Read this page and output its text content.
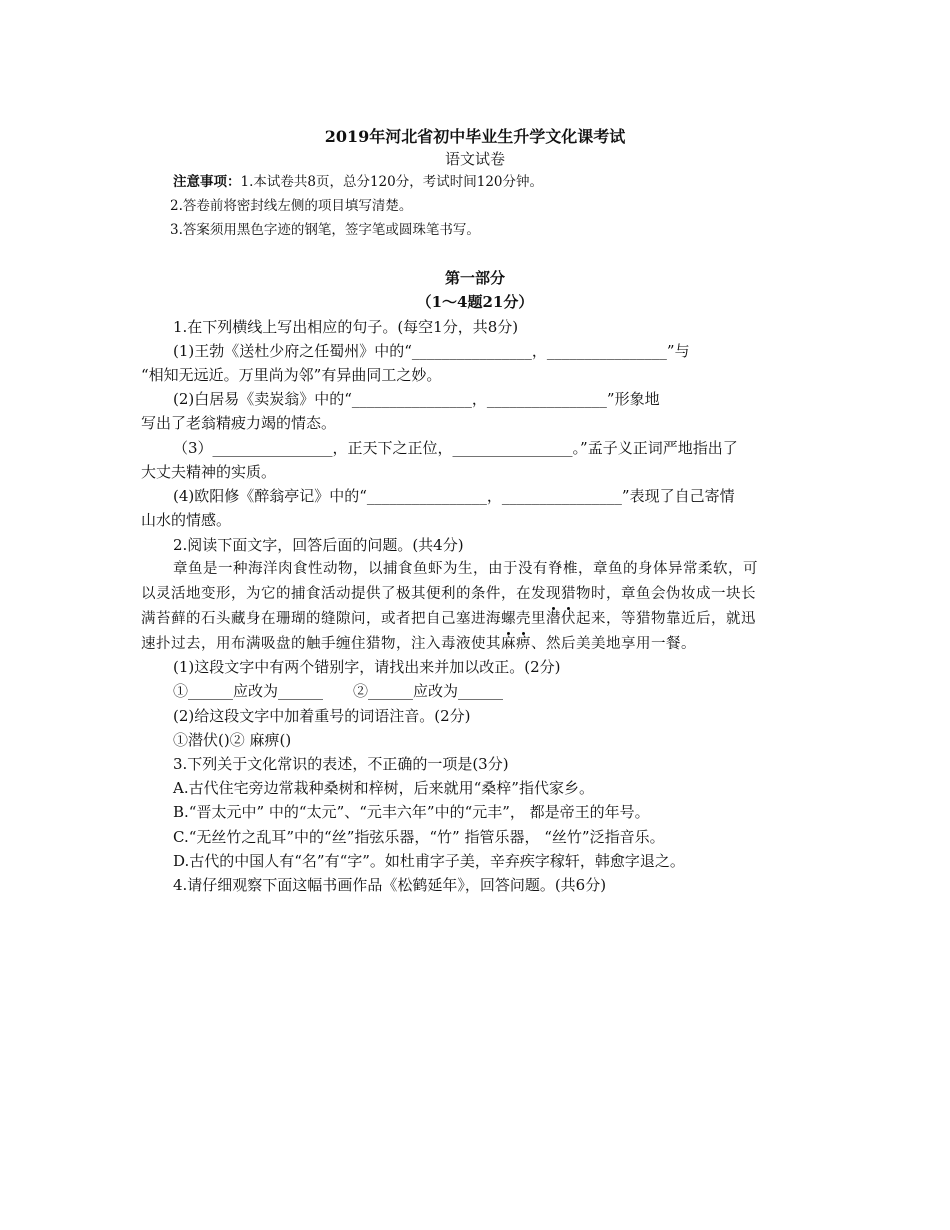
2019年河北省初中毕业生升学文化课考试
语文试卷
注意事项：1.本试卷共8页，总分120分，考试时间120分钟。
2.答卷前将密封线左侧的项目填写清楚。
3.答案须用黑色字迹的钢笔，签字笔或圆珠笔书写。
第一部分
（1～4题21分）
1.在下列横线上写出相应的句子。(每空1分，共8分)
(1)王勃《送杜少府之任蜀州》中的“________________，________________”与
“相知无远近。万里尚为邻”有异曲同工之妙。
(2)白居易《卖炭翁》中的“________________，________________”形象地
写出了老翁精疲力竭的情态。
（3）________________，正天下之正位，________________。”孟子义正词严地指出了
大丈夫精神的实质。
(4)欧阳修《醉翁亭记》中的“________________，________________”表现了自己寄情
山水的情感。
2.阅读下面文字，回答后面的问题。(共4分)
章鱼是一种海洋肉食性动物，以捕食鱼虾为生，由于没有脊椎，章鱼的身体异常柔软，可
以灵活地变形，为它的捕食活动提供了极其便利的条件，在发现猎物时，章鱼会伪妆成一块长
满苔藓的石头藏身在珊瑚的缝隙问，或者把自己塞进海螺壳里潜伏起来，等猎物靠近后，就迅
速扑过去，用布满吸盘的触手缠住猎物，注入毒液使其麻痹、然后美美地享用一餐。
(1)这段文字中有两个错别字，请找出来并加以改正。(2分)
①______应改为______　　②______应改为______
(2)给这段文字中加着重号的词语注音。(2分)
①潜伏()② 麻痹()
3.下列关于文化常识的表述，不正确的一项是(3分)
A.古代住宅旁边常栽种桑树和梓树，后来就用“桑梓”指代家乡。
B.“晋太元中” 中的“太元”、“元丰六年”中的“元丰”， 都是帝王的年号。
C.“无丝竹之乱耳”中的“丝”指弦乐器，“竹” 指管乐器， “丝竹”泛指音乐。
D.古代的中国人有“名”有“字”。如杜甫字子美，辛弃疾字稼轩，韩愈字退之。
4.请仔细观察下面这幅书画作品《松鹤延年》，回答问题。(共6分)
